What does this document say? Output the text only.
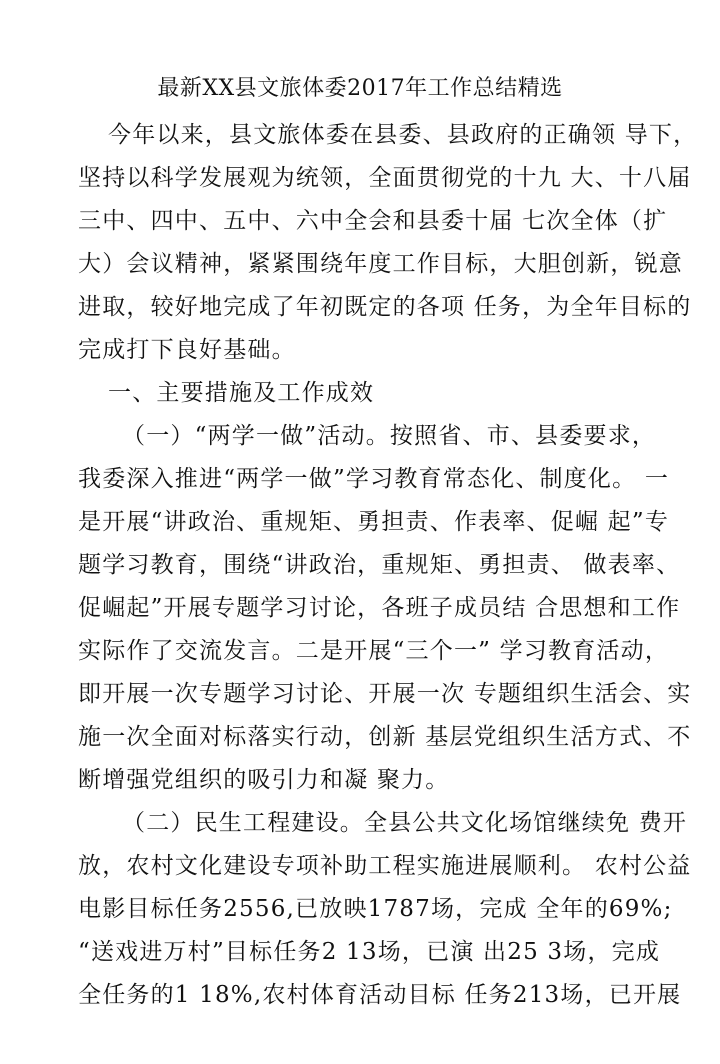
最新XX县文旅体委2017年工作总结精选
今年以来，县文旅体委在县委、县政府的正确领 导下，
坚持以科学发展观为统领，全面贯彻党的十九 大、十八届
三中、四中、五中、六中全会和县委十届 七次全体（扩
大）会议精神，紧紧围绕年度工作目标，大胆创新，锐意
进取，较好地完成了年初既定的各项 任务，为全年目标的
完成打下良好基础。
一、主要措施及工作成效
（一）“两学一做”活动。按照省、市、县委要求，
我委深入推进“两学一做”学习教育常态化、制度化。 一
是开展“讲政治、重规矩、勇担责、作表率、促崛 起”专
题学习教育，围绕“讲政治，重规矩、勇担责、 做表率、
促崛起”开展专题学习讨论，各班子成员结 合思想和工作
实际作了交流发言。二是开展“三个一” 学习教育活动，
即开展一次专题学习讨论、开展一次 专题组织生活会、实
施一次全面对标落实行动，创新 基层党组织生活方式、不
断增强党组织的吸引力和凝 聚力。
（二）民生工程建设。全县公共文化场馆继续免 费开
放，农村文化建设专项补助工程实施进展顺利。 农村公益
电影目标任务2556,已放映1787场，完成 全年的69%;
“送戏进万村”目标任务2 13场，已演 出25 3场，完成
全任务的1 18%,农村体育活动目标 任务213场，已开展
